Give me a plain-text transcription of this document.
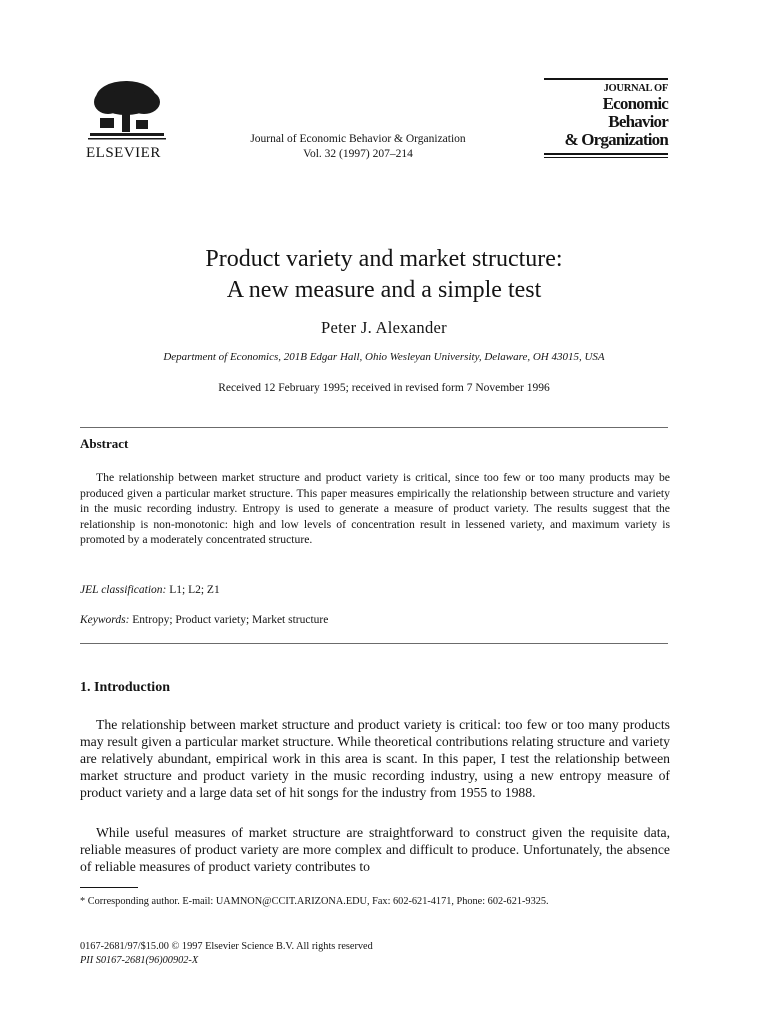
ELSEVIER
Journal of Economic Behavior & Organization
Vol. 32 (1997) 207–214
JOURNAL OF
Economic Behavior
& Organization
Product variety and market structure:
A new measure and a simple test
Peter J. Alexander
Department of Economics, 201B Edgar Hall, Ohio Wesleyan University, Delaware, OH 43015, USA
Received 12 February 1995; received in revised form 7 November 1996
Abstract

The relationship between market structure and product variety is critical, since too few or too many products may be produced given a particular market structure. This paper measures empirically the relationship between structure and variety in the music recording industry. Entropy is used to generate a measure of product variety. The results suggest that the relationship is non-monotonic: high and low levels of concentration result in lessened variety, and maximum variety is promoted by a moderately concentrated structure.

JEL classification: L1; L2; Z1
Keywords: Entropy; Product variety; Market structure
1. Introduction

The relationship between market structure and product variety is critical: too few or too many products may result given a particular market structure. While theoretical contributions relating structure and variety are relatively abundant, empirical work in this area is scant. In this paper, I test the relationship between market structure and product variety in the music recording industry, using a new entropy measure of product variety and a large data set of hit songs for the industry from 1955 to 1988.

While useful measures of market structure are straightforward to construct given the requisite data, reliable measures of product variety are more complex and difficult to produce. Unfortunately, the absence of reliable measures of product variety contributes to

* Corresponding author. E-mail: UAMNON@CCIT.ARIZONA.EDU, Fax: 602-621-4171, Phone: 602-621-9325.
0167-2681/97/$15.00 © 1997 Elsevier Science B.V. All rights reserved
PII S0167-2681(96)00902-X
